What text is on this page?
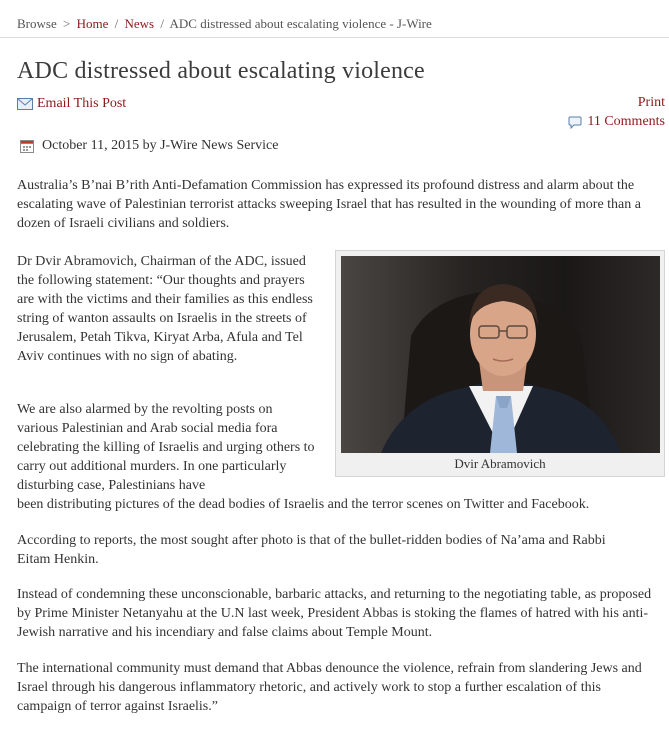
Browse > Home / News / ADC distressed about escalating violence - J-Wire
ADC distressed about escalating violence
Email This Post	Print
11 Comments
October 11, 2015 by J-Wire News Service

Australia’s B’nai B’rith Anti-Defamation Commission has expressed its profound distress and alarm about the escalating wave of Palestinian terrorist attacks sweeping Israel that has resulted in the wounding of more than a dozen of Israeli civilians and soldiers.

Dr Dvir Abramovich, Chairman of the ADC, issued the following statement: “Our thoughts and prayers are with the victims and their families as this endless string of wanton assaults on Israelis in the streets of Jerusalem, Petah Tikva, Kiryat Arba, Afula and Tel Aviv continues with no sign of abating.

We are also alarmed by the revolting posts on various Palestinian and Arab social media fora celebrating the killing of Israelis and urging others to carry out additional murders. In one particularly disturbing case, Palestinians have

been distributing pictures of the dead bodies of Israelis and the terror scenes on Twitter and Facebook.

According to reports, the most sought after photo is that of the bullet-ridden bodies of Na’ama and Rabbi Eitam Henkin.

Instead of condemning these unconscionable, barbaric attacks, and returning to the negotiating table, as proposed by Prime Minister Netanyahu at the U.N last week, President Abbas is stoking the flames of hatred with his anti-Jewish narrative and his incendiary and false claims about Temple Mount.

The international community must demand that Abbas denounce the violence, refrain from slandering Jews and Israel through his dangerous inflammatory rhetoric, and actively work to stop a further escalation of this campaign of terror against Israelis.”

Dvir Abramovich
